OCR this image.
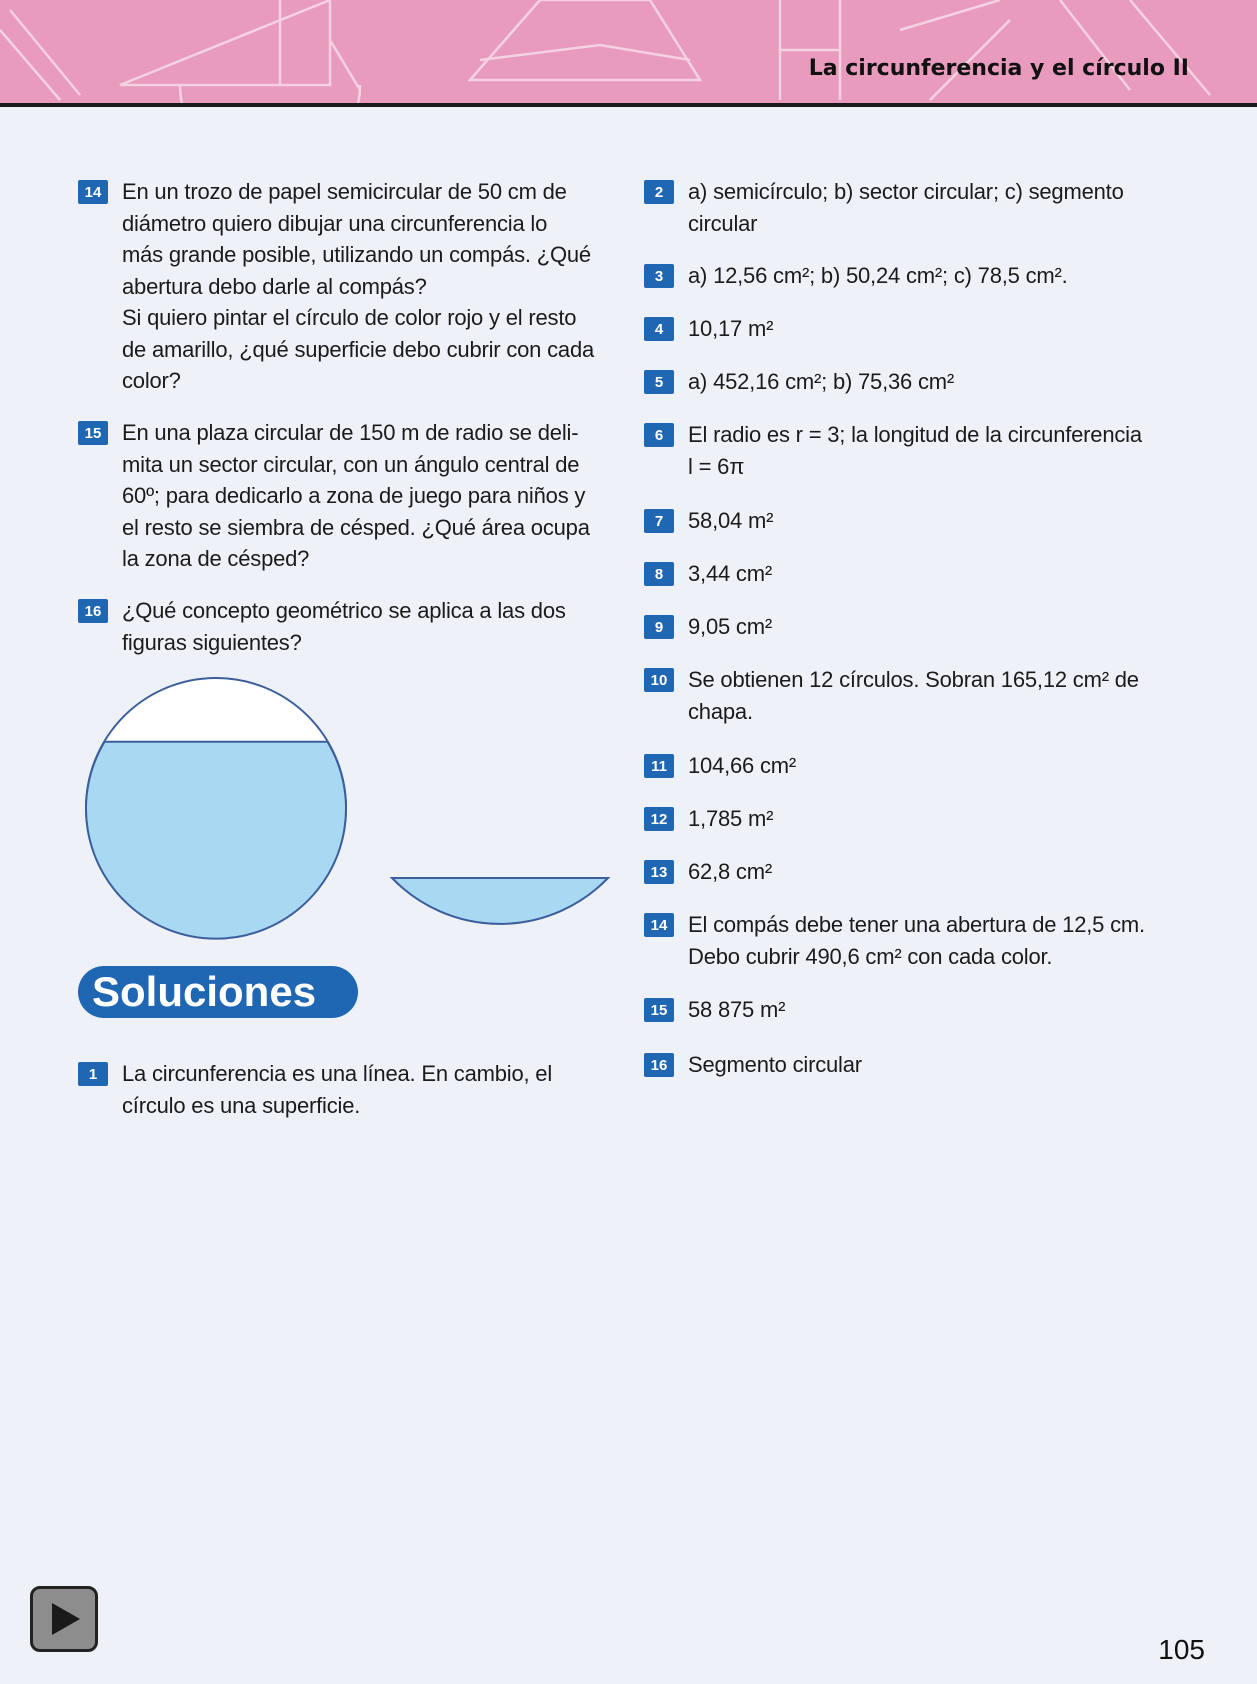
La circunferencia y el círculo II
14 En un trozo de papel semicircular de 50 cm de
diámetro quiero dibujar una circunferencia lo
más grande posible, utilizando un compás. ¿Qué
abertura debo darle al compás?
Si quiero pintar el círculo de color rojo y el resto
de amarillo, ¿qué superficie debo cubrir con cada
color?
15 En una plaza circular de 150 m de radio se deli-
mita un sector circular, con un ángulo central de
60º; para dedicarlo a zona de juego para niños y
el resto se siembra de césped. ¿Qué área ocupa
la zona de césped?
16 ¿Qué concepto geométrico se aplica a las dos
figuras siguientes?
Soluciones
1	La circunferencia es una línea. En cambio, el
círculo es una superficie.
2	a) semicírculo; b) sector circular; c) segmento
circular
3	a) 12,56 cm²; b) 50,24 cm²; c) 78,5 cm².
4	10,17 m²
5	a) 452,16 cm²; b) 75,36 cm²
6	El radio es r = 3; la longitud de la circunferencia
l = 6π
7	58,04 m²
8	3,44 cm²
9	9,05 cm²
10 Se obtienen 12 círculos. Sobran 165,12 cm² de
chapa.
11 104,66 cm²
12 1,785 m²
13 62,8 cm²
14 El compás debe tener una abertura de 12,5 cm.
Debo cubrir 490,6 cm² con cada color.
15 58 875 m²
16 Segmento circular
105
